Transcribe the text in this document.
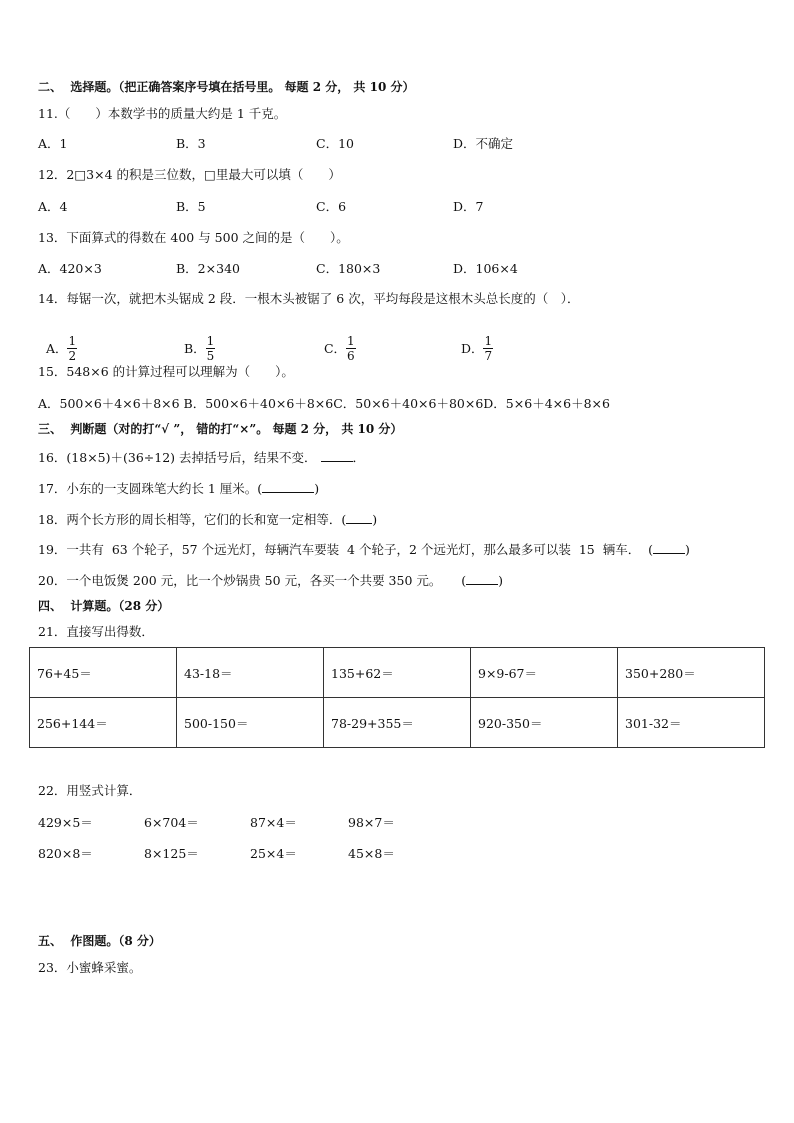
二、  选择题。（把正确答案序号填在括号里。 每题 2 分， 共 10 分）
11.（　　）本数学书的质量大约是 1 千克。
A．1	B．3	C．10	D．不确定
12．2□3×4 的积是三位数，□里最大可以填（　　）
A．4	B．5	C．6	D．7
13．下面算式的得数在 400 与 500 之间的是（　　）。
A．420×3	B．2×340	C．180×3	D．106×4
14．每锯一次，就把木头锯成 2 段．一根木头被锯了 6 次，平均每段是这根木头总长度的（　）．

A． $\frac{1}{2}$	B． $\frac{1}{5}$	C． $\frac{1}{6}$	D． $\frac{1}{7}$

15．548×6 的计算过程可以理解为（　　）。
A．500×6＋4×6＋8×6 B．500×6＋40×6＋8×6C．50×6＋40×6＋80×6D．5×6＋4×6＋8×6
三、  判断题（对的打“√ ”， 错的打“×”。 每题 2 分， 共 10 分）
16．(18×5)＋(36÷12) 去掉括号后，结果不变．	．
17．小东的一支圆珠笔大约长 1 厘米。(	)
18．两个长方形的周长相等，它们的长和宽一定相等．( )
19．一共有  63 个轮子，57 个远光灯，每辆汽车要装  4 个轮子，2 个远光灯，那么最多可以装  15  辆车．  (	)
20．一个电饭煲 200 元，比一个炒锅贵 50 元，各买一个共要 350 元。     (	)
四、  计算题。（28 分）
21．直接写出得数．
76+45＝	43-18＝	135+62＝	9×9-67＝	350+280＝
256+144＝	500-150＝	78-29+355＝	920-350＝	301-32＝
22．用竖式计算．
429×5＝	6×704＝	87×4＝	98×7＝
820×8＝	8×125＝	25×4＝	45×8＝
五、  作图题。（8 分）
23．小蜜蜂采蜜。
